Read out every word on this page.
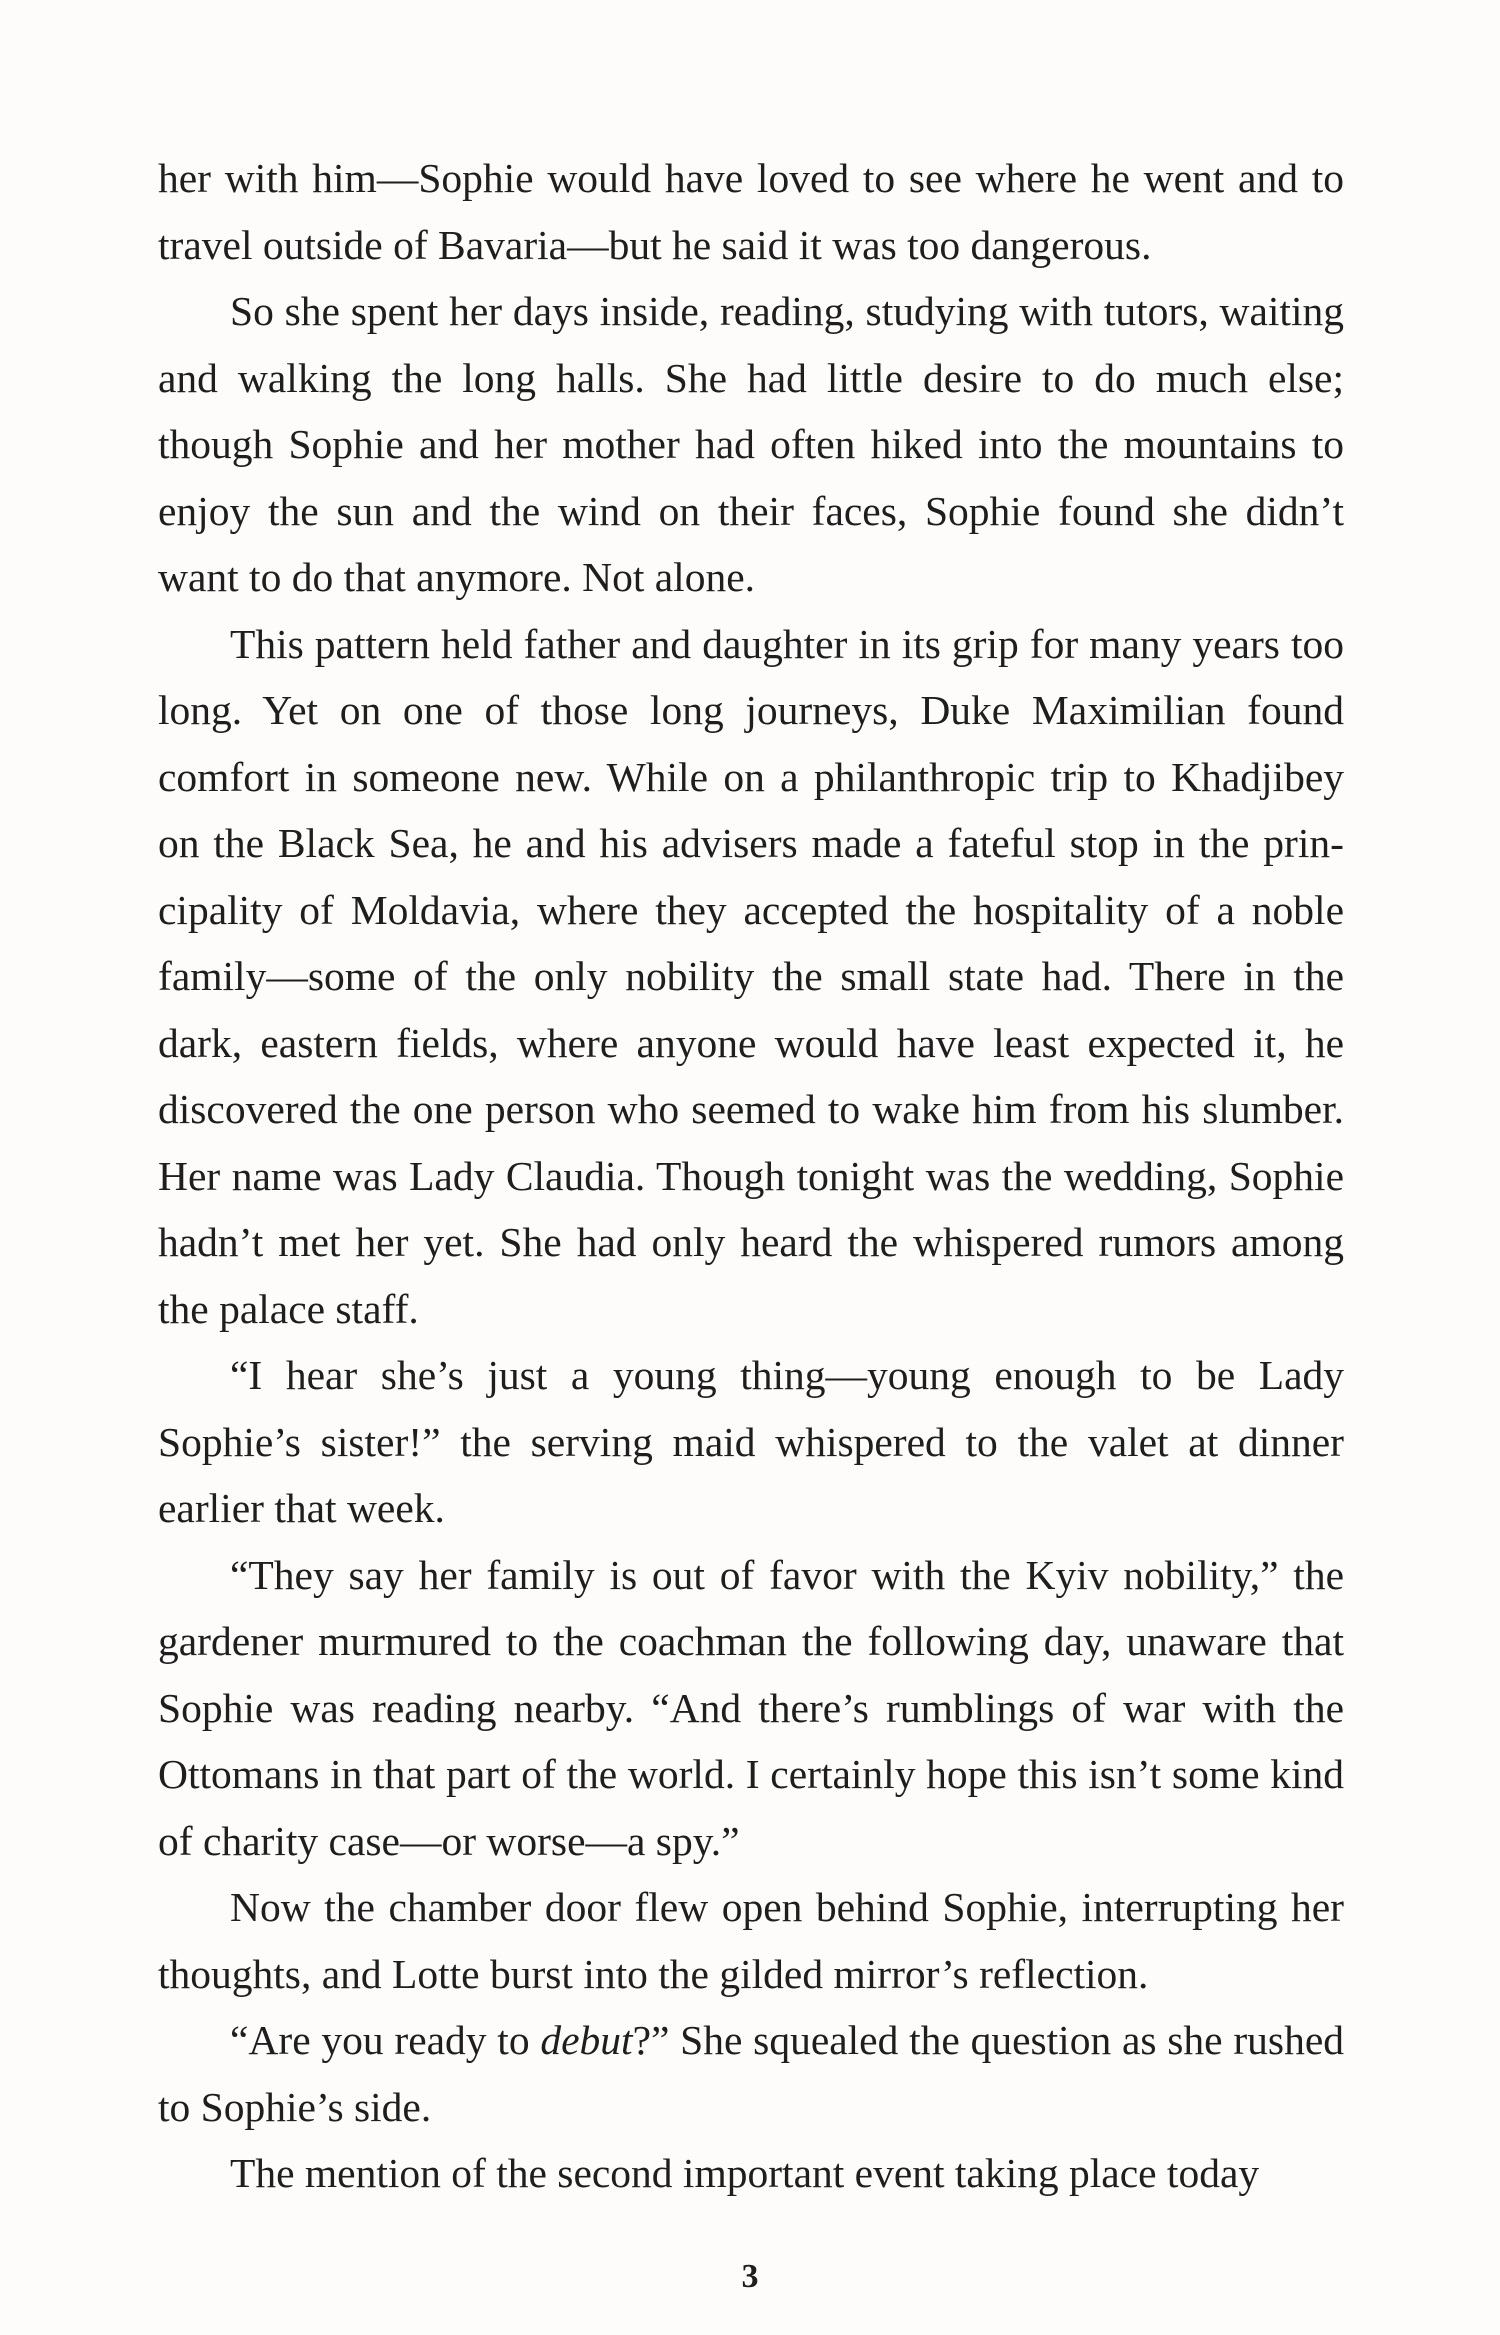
her with him—Sophie would have loved to see where he went and to travel outside of Bavaria—but he said it was too dangerous.

So she spent her days inside, reading, studying with tutors, waiting and walking the long halls. She had little desire to do much else; though Sophie and her mother had often hiked into the mountains to enjoy the sun and the wind on their faces, Sophie found she didn’t want to do that anymore. Not alone.

This pattern held father and daughter in its grip for many years too long. Yet on one of those long journeys, Duke Maximilian found comfort in someone new. While on a philanthropic trip to Khadjibey on the Black Sea, he and his advisers made a fateful stop in the principality of Moldavia, where they accepted the hospitality of a noble family—some of the only nobility the small state had. There in the dark, eastern fields, where anyone would have least expected it, he discovered the one person who seemed to wake him from his slumber. Her name was Lady Claudia. Though tonight was the wedding, Sophie hadn’t met her yet. She had only heard the whispered rumors among the palace staff.

“I hear she’s just a young thing—young enough to be Lady Sophie’s sister!” the serving maid whispered to the valet at dinner earlier that week.

“They say her family is out of favor with the Kyiv nobility,” the gardener murmured to the coachman the following day, unaware that Sophie was reading nearby. “And there’s rumblings of war with the Ottomans in that part of the world. I certainly hope this isn’t some kind of charity case—or worse—a spy.”

Now the chamber door flew open behind Sophie, interrupting her thoughts, and Lotte burst into the gilded mirror’s reflection.

“Are you ready to debut?” She squealed the question as she rushed to Sophie’s side.

The mention of the second important event taking place today

3
